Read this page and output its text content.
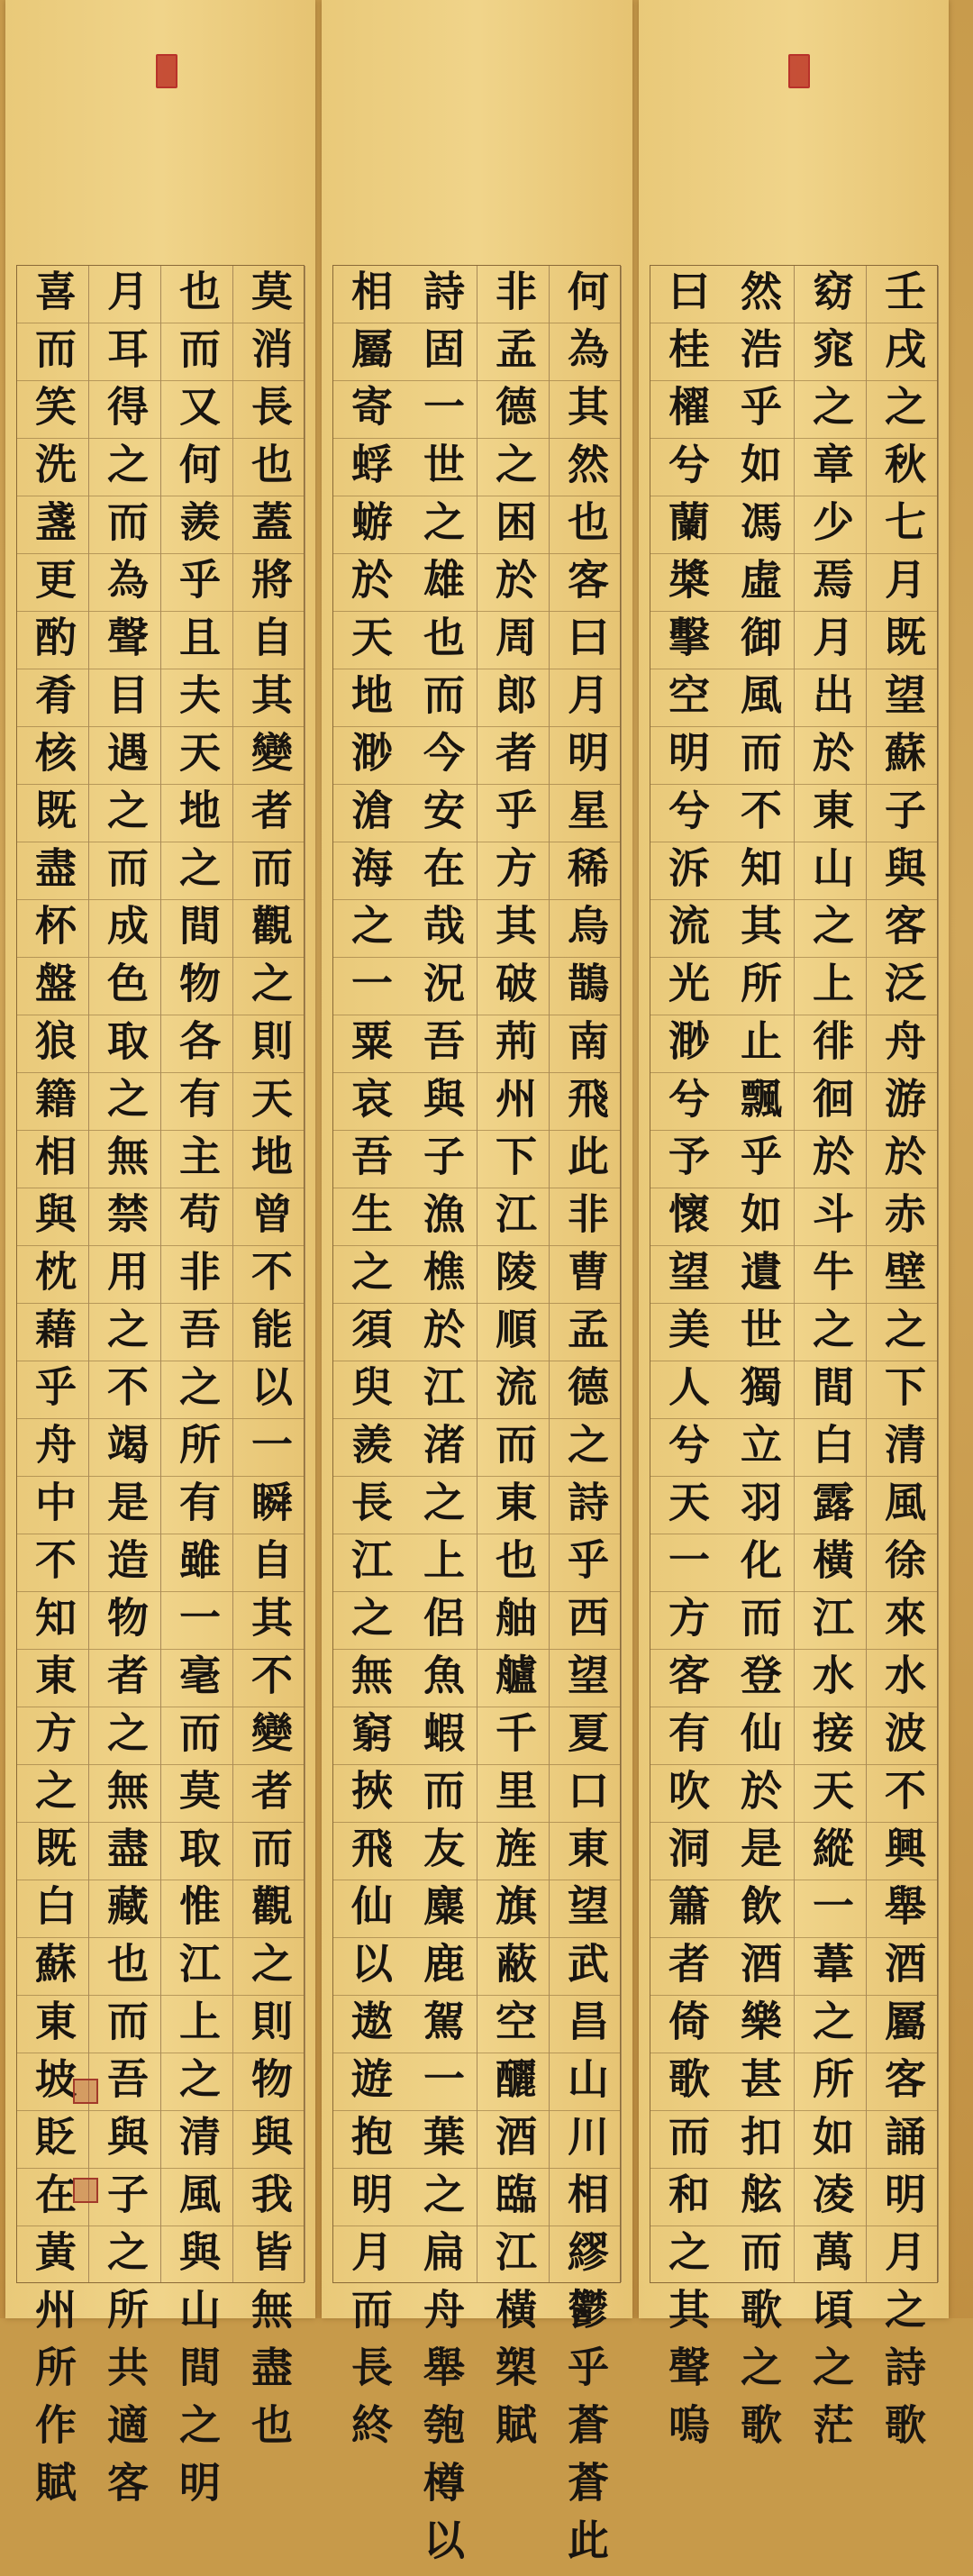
壬戌之秋七月既望蘇子與客泛舟游於赤壁之下清風徐來水波不興舉酒屬客誦明月之詩歌
窈窕之章少焉月出於東山之上徘徊於斗牛之間白露橫江水接天縱一葦之所如凌萬頃之茫
然浩乎如馮虛御風而不知其所止飄乎如遺世獨立羽化而登仙於是飲酒樂甚扣舷而歌之歌
曰桂櫂兮蘭槳擊空明兮泝流光渺兮予懷望美人兮天一方客有吹洞簫者倚歌而和之其聲嗚
何為其然也客曰月明星稀烏鵲南飛此非曹孟德之詩乎西望夏口東望武昌山川相繆鬱乎蒼蒼此
非孟德之困於周郎者乎方其破荊州下江陵順流而東也舳艫千里旌旗蔽空釃酒臨江橫槊賦
詩固一世之雄也而今安在哉況吾與子漁樵於江渚之上侶魚蝦而友麋鹿駕一葉之扁舟舉匏樽以
相屬寄蜉蝣於天地渺滄海之一粟哀吾生之須臾羨長江之無窮挾飛仙以遨遊抱明月而長終
莫消長也蓋將自其變者而觀之則天地曾不能以一瞬自其不變者而觀之則物與我皆無盡也
也而又何羨乎且夫天地之間物各有主苟非吾之所有雖一毫而莫取惟江上之清風與山間之明
月耳得之而為聲目遇之而成色取之無禁用之不竭是造物者之無盡藏也而吾與子之所共適客
喜而笑洗盞更酌肴核既盡杯盤狼籍相與枕藉乎舟中不知東方之既白蘇東坡貶在黃州所作賦
